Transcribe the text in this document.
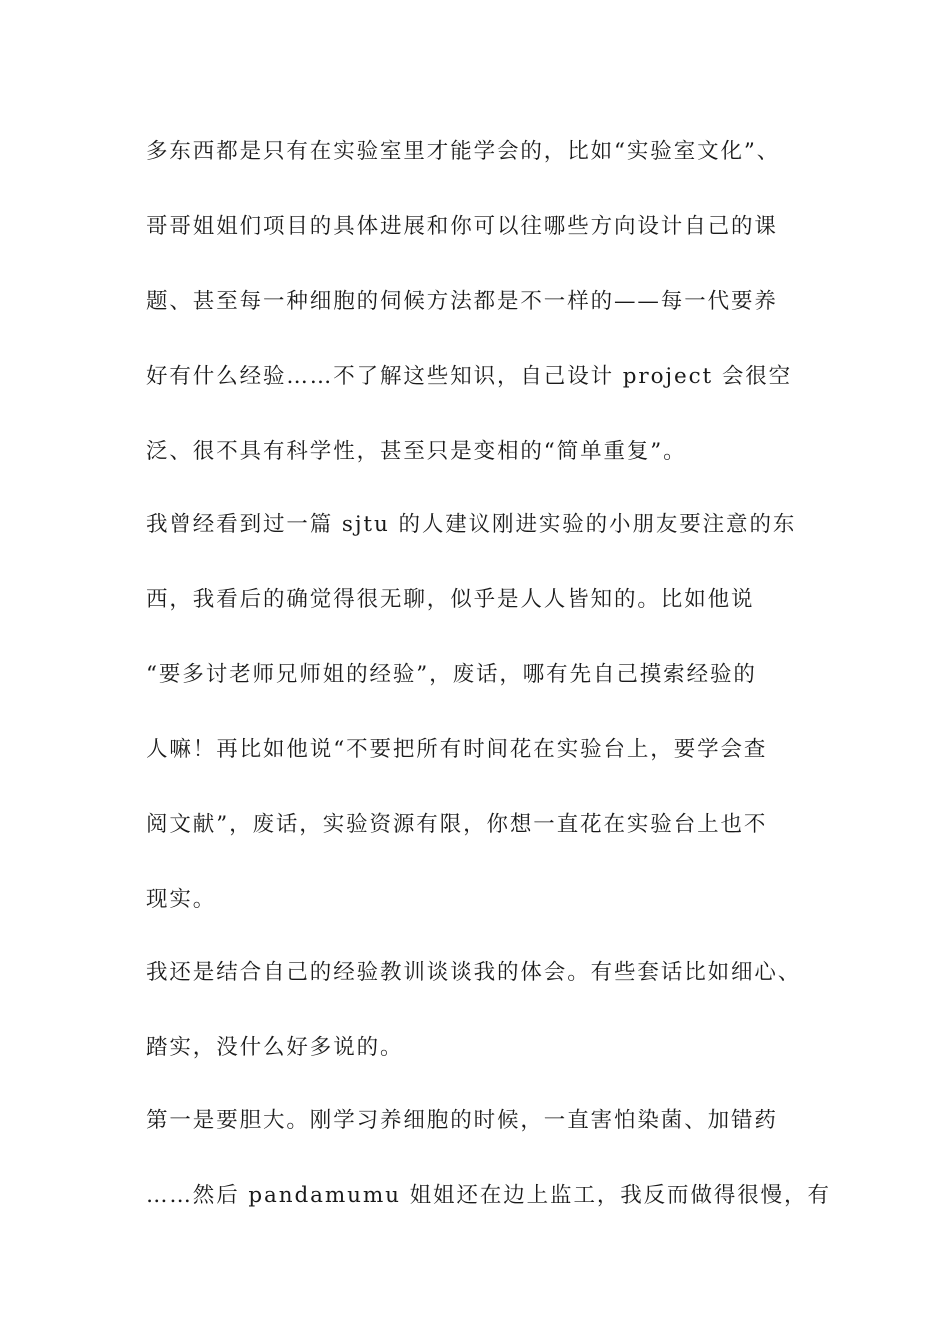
多东西都是只有在实验室里才能学会的，比如“实验室文化”、
哥哥姐姐们项目的具体进展和你可以往哪些方向设计自己的课
题、甚至每一种细胞的伺候方法都是不一样的——每一代要养
好有什么经验……不了解这些知识，自己设计 project 会很空
泛、很不具有科学性，甚至只是变相的“简单重复”。
我曾经看到过一篇 sjtu 的人建议刚进实验的小朋友要注意的东
西，我看后的确觉得很无聊，似乎是人人皆知的。比如他说
“要多讨老师兄师姐的经验”，废话，哪有先自己摸索经验的
人嘛！再比如他说“不要把所有时间花在实验台上，要学会查
阅文献”，废话，实验资源有限，你想一直花在实验台上也不
现实。
我还是结合自己的经验教训谈谈我的体会。有些套话比如细心、
踏实，没什么好多说的。
第一是要胆大。刚学习养细胞的时候，一直害怕染菌、加错药
……然后 pandamumu 姐姐还在边上监工，我反而做得很慢，有
